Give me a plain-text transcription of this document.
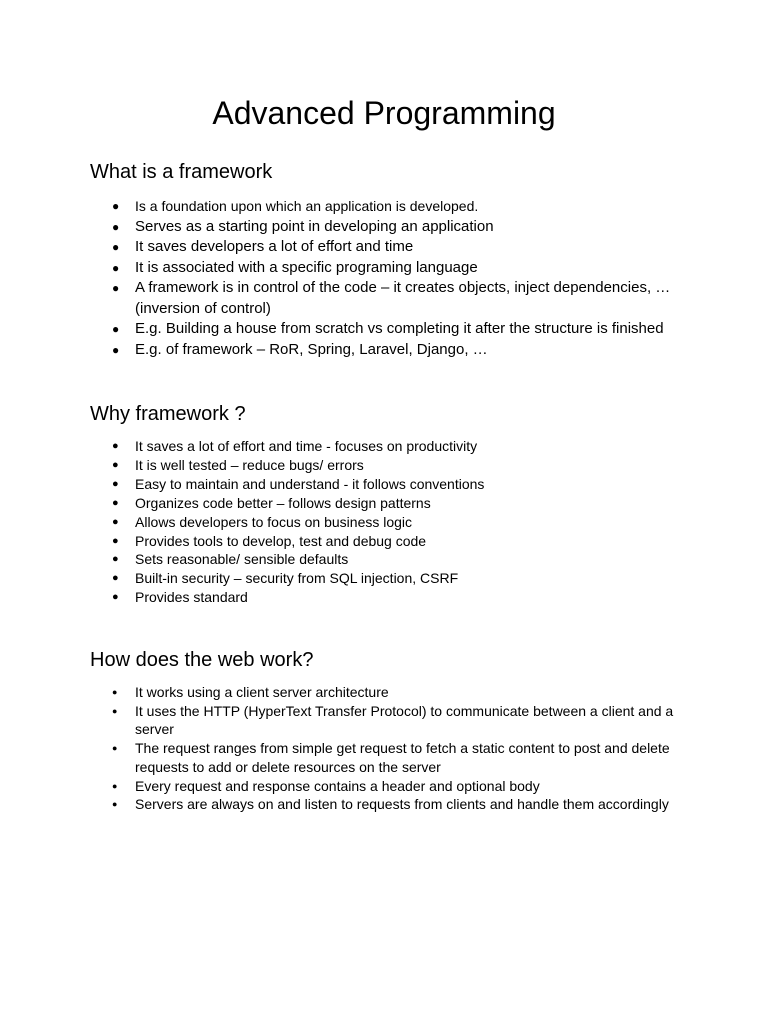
Advanced Programming
What is a framework
● Is a foundation upon which an application is developed.
● Serves as a starting point in developing an application
● It saves developers a lot of effort and time
● It is associated with a specific programing language
● A framework is in control of the code – it creates objects, inject dependencies, …(inversion of control)
● E.g. Building a house from scratch vs completing it after the structure is finished
● E.g. of framework – RoR, Spring, Laravel, Django, …
Why framework ?
● It saves a lot of effort and time - focuses on productivity
● It is well tested – reduce bugs/ errors
● Easy to maintain and understand - it follows conventions
● Organizes code better – follows design patterns
● Allows developers to focus on business logic
● Provides tools to develop, test and debug code
● Sets reasonable/ sensible defaults
● Built-in security – security from SQL injection, CSRF
● Provides standard
How does the web work?
● It works using a client server architecture
● It uses the HTTP (HyperText Transfer Protocol) to communicate between a client and a server
● The request ranges from simple get request to fetch a static content to post and delete requests to add or delete resources on the server
● Every request and response contains a header and optional body
● Servers are always on and listen to requests from clients and handle them accordingly
